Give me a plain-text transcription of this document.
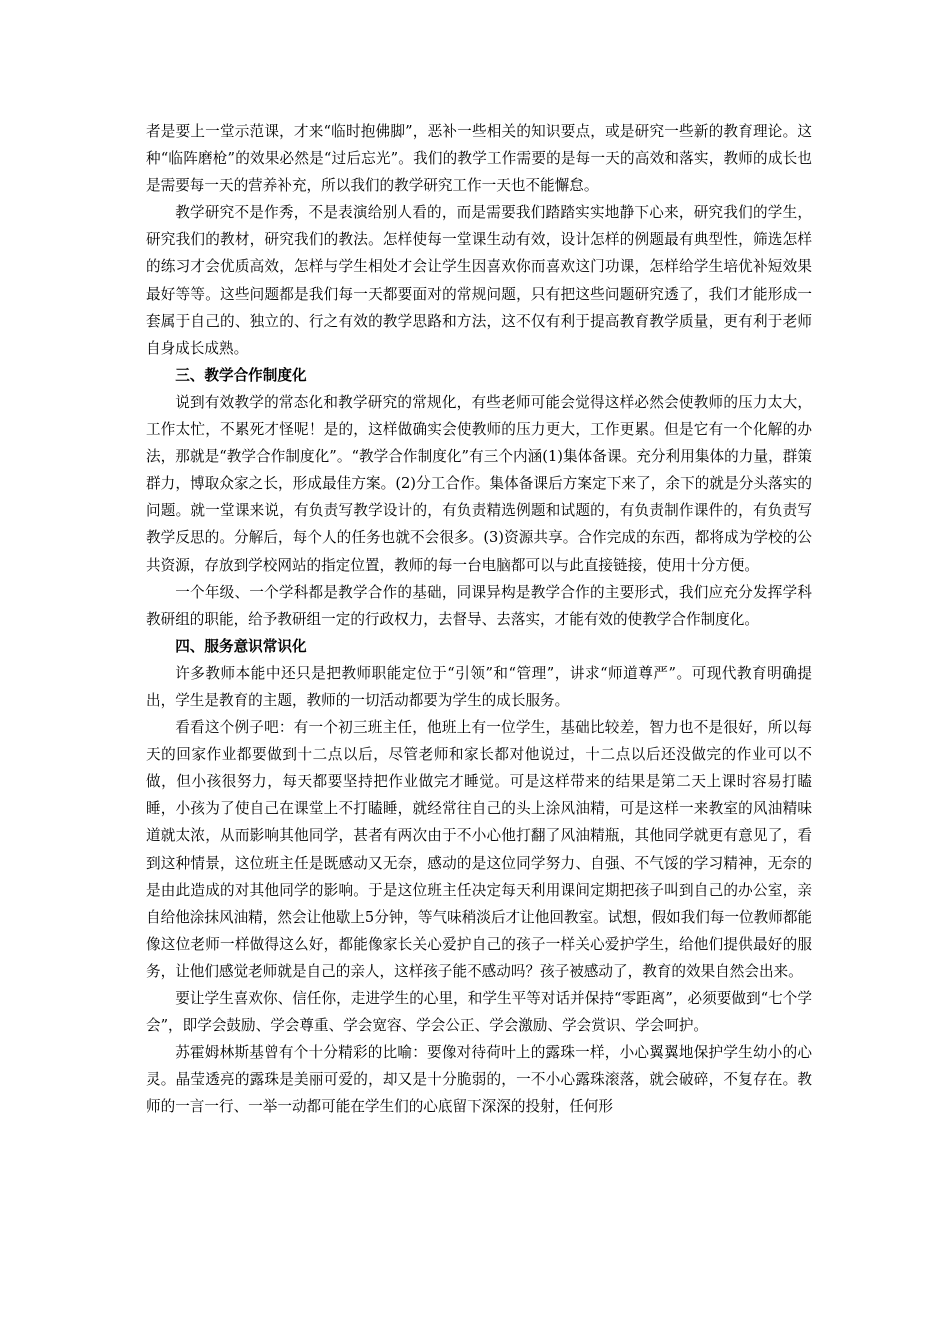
者是要上一堂示范课，才来“临时抱佛脚”，恶补一些相关的知识要点，或是研究一些新的教育理论。这种“临阵磨枪”的效果必然是“过后忘光”。我们的教学工作需要的是每一天的高效和落实，教师的成长也是需要每一天的营养补充，所以我们的教学研究工作一天也不能懈怠。

教学研究不是作秀，不是表演给别人看的，而是需要我们踏踏实实地静下心来，研究我们的学生，研究我们的教材，研究我们的教法。怎样使每一堂课生动有效，设计怎样的例题最有典型性，筛选怎样的练习才会优质高效，怎样与学生相处才会让学生因喜欢你而喜欢这门功课，怎样给学生培优补短效果最好等等。这些问题都是我们每一天都要面对的常规问题，只有把这些问题研究透了，我们才能形成一套属于自己的、独立的、行之有效的教学思路和方法，这不仅有利于提高教育教学质量，更有利于老师自身成长成熟。

三、教学合作制度化

说到有效教学的常态化和教学研究的常规化，有些老师可能会觉得这样必然会使教师的压力太大，工作太忙，不累死才怪呢！是的，这样做确实会使教师的压力更大，工作更累。但是它有一个化解的办法，那就是“教学合作制度化”。“教学合作制度化”有三个内涵(1)集体备课。充分利用集体的力量，群策群力，博取众家之长，形成最佳方案。(2)分工合作。集体备课后方案定下来了，余下的就是分头落实的问题。就一堂课来说，有负责写教学设计的，有负责精选例题和试题的，有负责制作课件的，有负责写教学反思的。分解后，每个人的任务也就不会很多。(3)资源共享。合作完成的东西，都将成为学校的公共资源，存放到学校网站的指定位置，教师的每一台电脑都可以与此直接链接，使用十分方便。

一个年级、一个学科都是教学合作的基础，同课异构是教学合作的主要形式，我们应充分发挥学科教研组的职能，给予教研组一定的行政权力，去督导、去落实，才能有效的使教学合作制度化。

四、服务意识常识化

许多教师本能中还只是把教师职能定位于“引领”和“管理”，讲求“师道尊严”。可现代教育明确提出，学生是教育的主题，教师的一切活动都要为学生的成长服务。

看看这个例子吧：有一个初三班主任，他班上有一位学生，基础比较差，智力也不是很好，所以每天的回家作业都要做到十二点以后，尽管老师和家长都对他说过，十二点以后还没做完的作业可以不做，但小孩很努力，每天都要坚持把作业做完才睡觉。可是这样带来的结果是第二天上课时容易打瞌睡，小孩为了使自己在课堂上不打瞌睡，就经常往自己的头上涂风油精，可是这样一来教室的风油精味道就太浓，从而影响其他同学，甚者有两次由于不小心他打翻了风油精瓶，其他同学就更有意见了，看到这种情景，这位班主任是既感动又无奈，感动的是这位同学努力、自强、不气馁的学习精神，无奈的是由此造成的对其他同学的影响。于是这位班主任决定每天利用课间定期把孩子叫到自己的办公室，亲自给他涂抹风油精，然会让他歇上5分钟，等气味稍淡后才让他回教室。试想，假如我们每一位教师都能像这位老师一样做得这么好，都能像家长关心爱护自己的孩子一样关心爱护学生，给他们提供最好的服务，让他们感觉老师就是自己的亲人，这样孩子能不感动吗？孩子被感动了，教育的效果自然会出来。

要让学生喜欢你、信任你，走进学生的心里，和学生平等对话并保持“零距离”，必须要做到“七个学会”，即学会鼓励、学会尊重、学会宽容、学会公正、学会激励、学会赏识、学会呵护。

苏霍姆林斯基曾有个十分精彩的比喻：要像对待荷叶上的露珠一样，小心翼翼地保护学生幼小的心灵。晶莹透亮的露珠是美丽可爱的，却又是十分脆弱的，一不小心露珠滚落，就会破碎，不复存在。教师的一言一行、一举一动都可能在学生们的心底留下深深的投射，任何形
